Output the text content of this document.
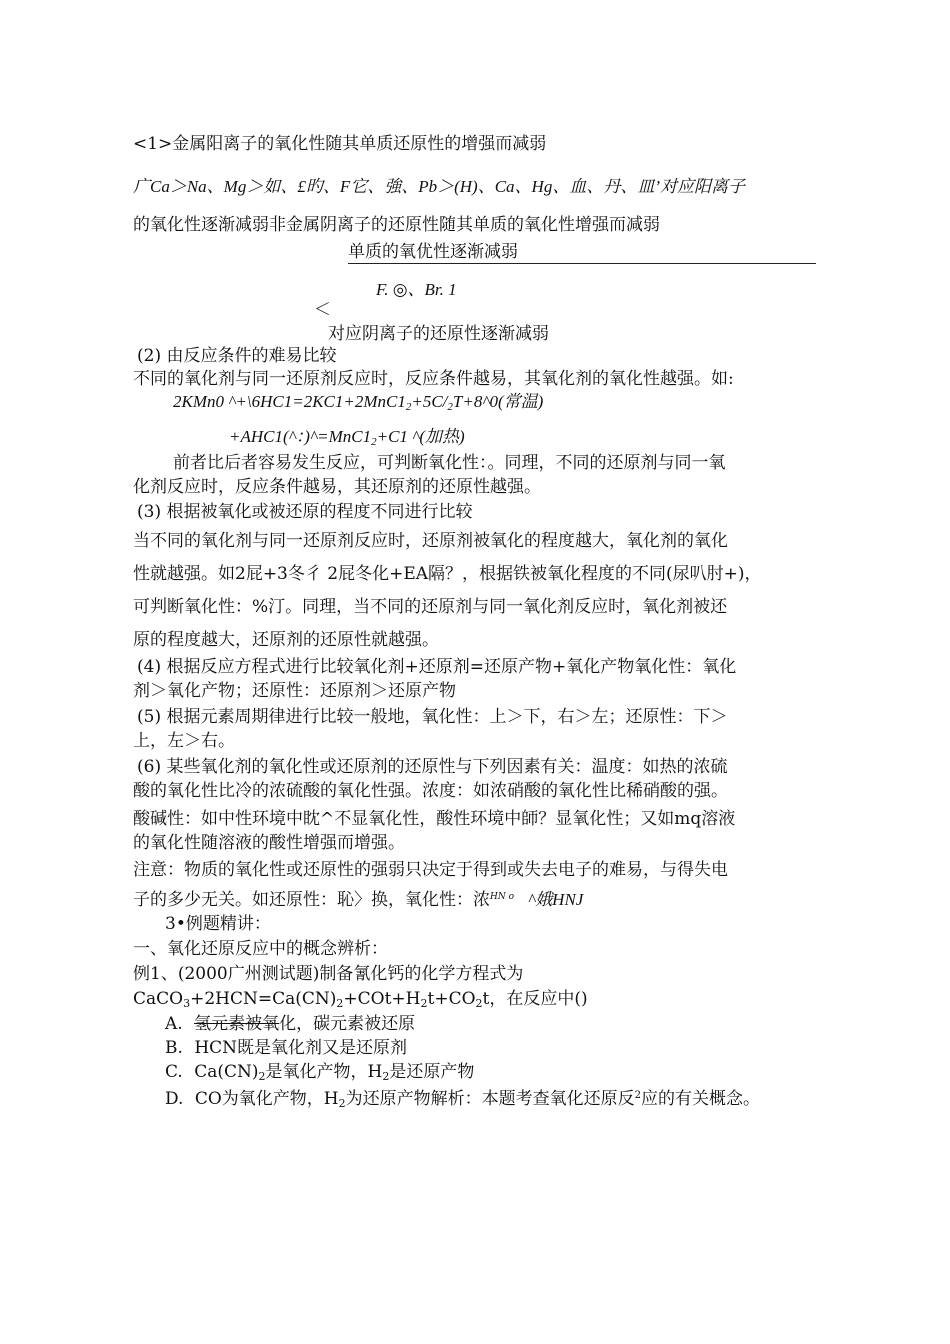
<1>金属阳离子的氧化性随其单质还原性的增强而减弱
广Ca＞Na、Mg＞如、£旳、F它、強、Pb＞(H)、Ca、Hg、血、丹、皿’对应阳离子
的氧化性逐渐减弱非金属阴离子的还原性随其单质的氧化性增强而减弱
单质的氧优性逐渐减弱
F. ◎、Br. 1
＜
对应阴离子的还原性逐渐减弱
(2) 由反应条件的难易比较
不同的氧化剂与同一还原剂反应时，反应条件越易，其氧化剂的氧化性越强。如:
2KMn0 ^+\6HC1=2KC1+2MnC12+5C/2T+8^0(常温)
+AHC1(^：)^=MnC12+C1 ^(加热)
前者比后者容易发生反应，可判断氧化性：。同理，不同的还原剂与同一氧
化剂反应时，反应条件越易，其还原剂的还原性越强。
(3) 根据被氧化或被还原的程度不同进行比较
当不同的氧化剂与同一还原剂反应时，还原剂被氧化的程度越大，氧化剂的氧化
性就越强。如2屁+3冬彳 2屁冬化+EA隔？，根据铁被氧化程度的不同(尿叭肘+)，
可判断氧化性：%汀。同理，当不同的还原剂与同一氧化剂反应时，氧化剂被还
原的程度越大，还原剂的还原性就越强。
(4) 根据反应方程式进行比较氧化剂+还原剂=还原产物+氧化产物氧化性：氧化
剂＞氧化产物；还原性：还原剂＞还原产物
(5) 根据元素周期律进行比较一般地，氧化性：上＞下，右＞左；还原性：下＞
上，左＞右。
(6) 某些氧化剂的氧化性或还原剂的还原性与下列因素有关：温度：如热的浓硫
酸的氧化性比冷的浓硫酸的氧化性强。浓度：如浓硝酸的氧化性比稀硝酸的强。
酸碱性：如中性环境中眈^不显氧化性，酸性环境中師？显氧化性；又如mq溶液
的氧化性随溶液的酸性增强而增强。
注意：物质的氧化性或还原性的强弱只决定于得到或失去电子的难易，与得失电
子的多少无关。如还原性：恥〉换，氧化性：浓$^{HN o}$ ^娥HNJ
3•例题精讲：
一、氧化还原反应中的概念辨析：
例1、(2000广州测试题)制备氰化钙的化学方程式为
CaCO3+2HCN=Ca(CN)2+COt+H2t+CO2t，在反应中()
A. 氢元素被氧化，碳元素被还原
B. HCN既是氧化剂又是还原剂
C. Ca(CN)2是氧化产物，H2是还原产物
D. CO为氧化产物，H2为还原产物解析：本题考查氧化还原反$^2$应的有关概念。
